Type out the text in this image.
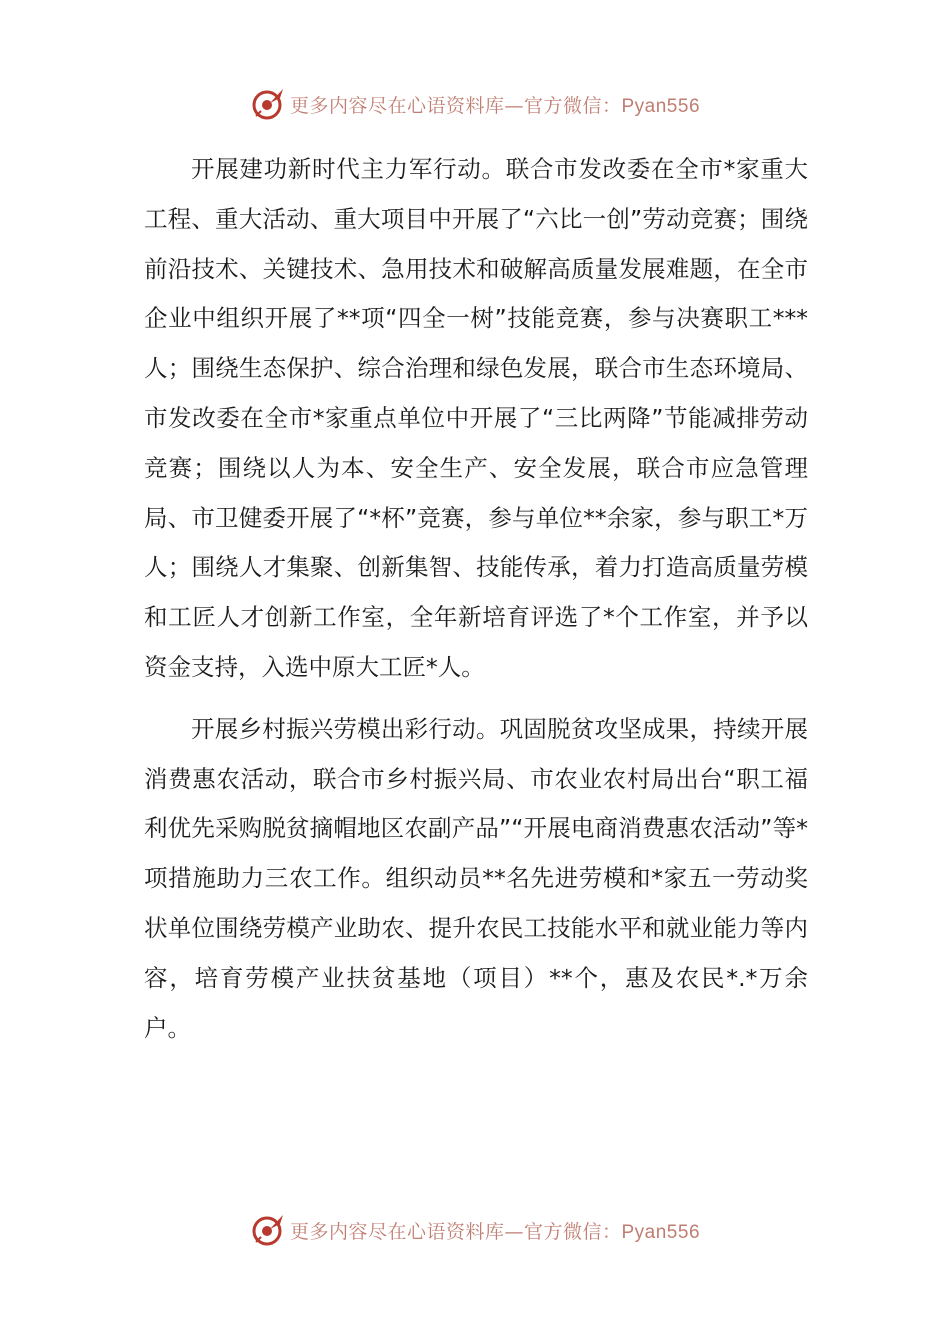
更多内容尽在心语资料库—官方微信：Pyan556

开展建功新时代主力军行动。联合市发改委在全市*家重大工程、重大活动、重大项目中开展了“六比一创”劳动竞赛；围绕前沿技术、关键技术、急用技术和破解高质量发展难题，在全市企业中组织开展了**项“四全一树”技能竞赛，参与决赛职工***人；围绕生态保护、综合治理和绿色发展，联合市生态环境局、市发改委在全市*家重点单位中开展了“三比两降”节能减排劳动竞赛；围绕以人为本、安全生产、安全发展，联合市应急管理局、市卫健委开展了“*杯”竞赛，参与单位**余家，参与职工*万人；围绕人才集聚、创新集智、技能传承，着力打造高质量劳模和工匠人才创新工作室，全年新培育评选了*个工作室，并予以资金支持，入选中原大工匠*人。

开展乡村振兴劳模出彩行动。巩固脱贫攻坚成果，持续开展消费惠农活动，联合市乡村振兴局、市农业农村局出台“职工福利优先采购脱贫摘帽地区农副产品”“开展电商消费惠农活动”等*项措施助力三农工作。组织动员**名先进劳模和*家五一劳动奖状单位围绕劳模产业助农、提升农民工技能水平和就业能力等内容，培育劳模产业扶贫基地（项目）**个，惠及农民*.*万余户。

更多内容尽在心语资料库—官方微信：Pyan556
